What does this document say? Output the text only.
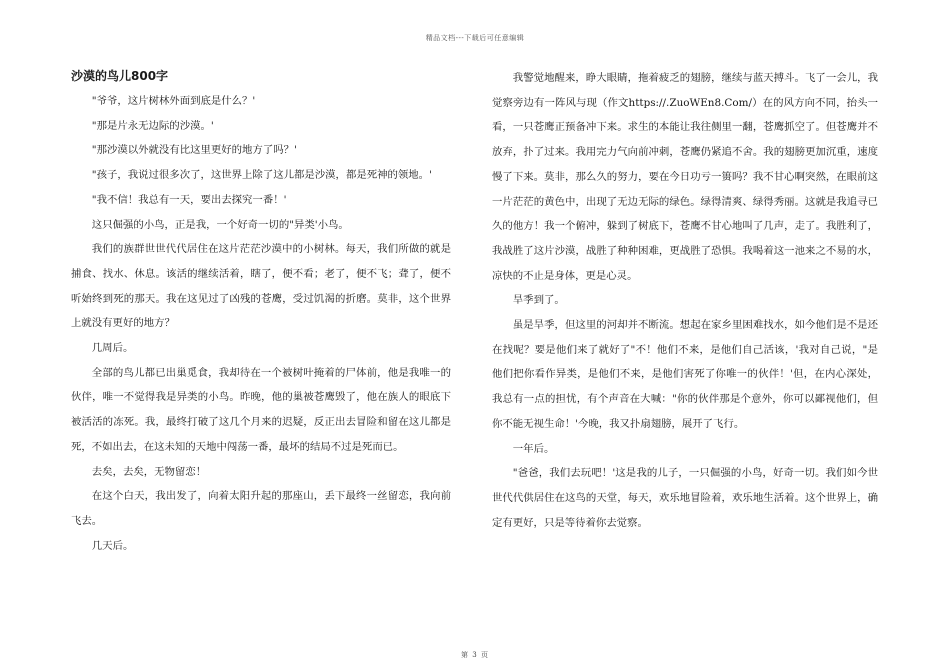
精品文档---下载后可任意编辑
沙漠的鸟儿800字

"爷爷，这片树林外面到底是什么？'

"那是片永无边际的沙漠。'

"那沙漠以外就没有比这里更好的地方了吗？'

"孩子，我说过很多次了，这世界上除了这儿都是沙漠，都是死神的领地。'

"我不信！我总有一天，要出去探究一番！'

这只倔强的小鸟，正是我，一个好奇一切的"异类'小鸟。

我们的族群世世代代居住在这片茫茫沙漠中的小树林。每天，我们所做的就是捕食、找水、休息。该活的继续活着，瞎了，便不看；老了，便不飞；聋了，便不听始终到死的那天。我在这见过了凶残的苍鹰，受过饥渴的折磨。莫非，这个世界上就没有更好的地方？

几周后。

全部的鸟儿都已出巢觅食，我却待在一个被树叶掩着的尸体前，他是我唯一的伙伴，唯一不觉得我是异类的小鸟。昨晚，他的巢被苍鹰毁了，他在族人的眼底下被活活的冻死。我，最终打破了这几个月来的迟疑，反正出去冒险和留在这儿都是死，不如出去，在这未知的天地中闯荡一番，最坏的结局不过是死而已。

去矣，去矣，无物留恋！

在这个白天，我出发了，向着太阳升起的那座山，丢下最终一丝留恋，我向前飞去。

几天后。

我警觉地醒来，睁大眼睛，拖着疲乏的翅膀，继续与蓝天搏斗。飞了一会儿，我觉察旁边有一阵风与现（作文https://.ZuoWEn8.Com/）在的风方向不同，抬头一看，一只苍鹰正预备冲下来。求生的本能让我往侧里一翻，苍鹰抓空了。但苍鹰并不放弃，扑了过来。我用完力气向前冲刺，苍鹰仍紧追不舍。我的翅膀更加沉重，速度慢了下来。莫非，那么久的努力，要在今日功亏一篑吗？我不甘心啊突然，在眼前这一片茫茫的黄色中，出现了无边无际的绿色。绿得清爽、绿得秀丽。这就是我追寻已久的他方！我一个俯冲，躲到了树底下，苍鹰不甘心地叫了几声，走了。我胜利了，我战胜了这片沙漠，战胜了种种困难，更战胜了恐惧。我喝着这一池来之不易的水，凉快的不止是身体，更是心灵。

旱季到了。

虽是旱季，但这里的河却并不断流。想起在家乡里困难找水，如今他们是不是还在找呢？要是他们来了就好了"不！他们不来，是他们自己活该，'我对自己说，"是他们把你看作异类，是他们不来，是他们害死了你唯一的伙伴！'但，在内心深处，我总有一点的担忧，有个声音在大喊："你的伙伴那是个意外，你可以鄙视他们，但你不能无视生命！'今晚，我又扑扇翅膀，展开了飞行。

一年后。

"爸爸，我们去玩吧！'这是我的儿子，一只倔强的小鸟，好奇一切。我们如今世世代代供居住在这鸟的天堂，每天，欢乐地冒险着，欢乐地生活着。这个世界上，确定有更好，只是等待着你去觉察。

第 3 页
